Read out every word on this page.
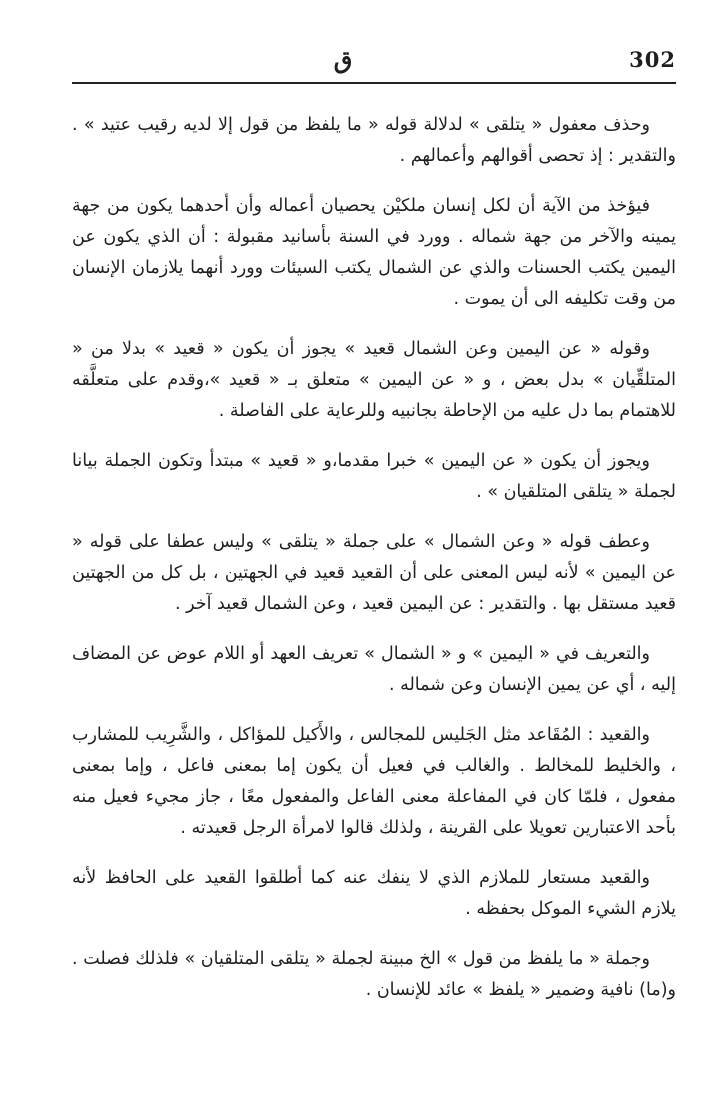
ق	302

وحذف معفول « يتلقى » لدلالة قوله « ما يلفظ من قول إلا لديه رقيب عتيد » . والتقدير : إذ تحصى أقوالهم وأعمالهم .

فيؤخذ من الآية أن لكل إنسان ملكيْن يحصيان أعماله وأن أحدهما يكون من جهة يمينه والآخر من جهة شماله . وورد في السنة بأسانيد مقبولة : أن الذي يكون عن اليمين يكتب الحسنات والذي عن الشمال يكتب السيئات وورد أنهما يلازمان الإنسان من وقت تكليفه الى أن يموت .

وقوله « عن اليمين وعن الشمال قعيد » يجوز أن يكون « قعيد » بدلا من « المتلقِّيان » بدل بعض ، و « عن اليمين » متعلق بـ « قعيد »،وقدم على متعلَّقه للاهتمام بما دل عليه من الإحاطة بجانبيه وللرعاية على الفاصلة .

ويجوز أن يكون « عن اليمين » خبرا مقدما،و « قعيد » مبتدأ وتكون الجملة بيانا لجملة « يتلقى المتلقيان » .

وعطف قوله « وعن الشمال » على جملة « يتلقى » وليس عطفا على قوله « عن اليمين » لأنه ليس المعنى على أن القعيد قعيد في الجهتين ، بل كل من الجهتين قعيد مستقل بها . والتقدير : عن اليمين قعيد ، وعن الشمال قعيد آخر .

والتعريف في « اليمين » و « الشمال » تعريف العهد أو اللام عوض عن المضاف إليه ، أي عن يمين الإنسان وعن شماله .

والقعيد : المُقَاعد مثل الجَليس للمجالس ، والأَكيل للمؤاكل ، والشَّرِيب للمشارب ، والخليط للمخالط . والغالب في فعيل أن يكون إما بمعنى فاعل ، وإما بمعنى مفعول ، فلمّا كان في المفاعلة معنى الفاعل والمفعول معًا ، جاز مجيء فعيل منه بأحد الاعتبارين تعويلا على القرينة ، ولذلك قالوا لامرأة الرجل قعيدته .

والقعيد مستعار للملازم الذي لا ينفك عنه كما أطلقوا القعيد على الحافظ لأنه يلازم الشيء الموكل بحفظه .

وجملة « ما يلفظ من قول » الخ مبينة لجملة « يتلقى المتلقيان » فلذلك فصلت . و(ما) نافية وضمير « يلفظ » عائد للإنسان .
